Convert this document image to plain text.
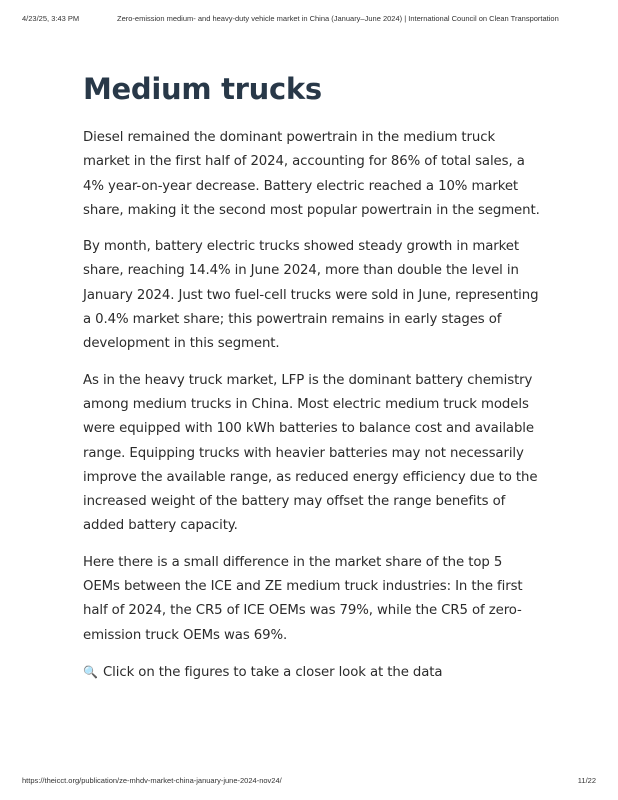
4/23/25, 3:43 PM	Zero-emission medium- and heavy-duty vehicle market in China (January–June 2024) | International Council on Clean Transportation
Medium trucks

Diesel remained the dominant powertrain in the medium truck market in the first half of 2024, accounting for 86% of total sales, a 4% year-on-year decrease. Battery electric reached a 10% market share, making it the second most popular powertrain in the segment.

By month, battery electric trucks showed steady growth in market share, reaching 14.4% in June 2024, more than double the level in January 2024. Just two fuel-cell trucks were sold in June, representing a 0.4% market share; this powertrain remains in early stages of development in this segment.

As in the heavy truck market, LFP is the dominant battery chemistry among medium trucks in China. Most electric medium truck models were equipped with 100 kWh batteries to balance cost and available range. Equipping trucks with heavier batteries may not necessarily improve the available range, as reduced energy efficiency due to the increased weight of the battery may offset the range benefits of added battery capacity.

Here there is a small difference in the market share of the top 5 OEMs between the ICE and ZE medium truck industries: In the first half of 2024, the CR5 of ICE OEMs was 79%, while the CR5 of zero-emission truck OEMs was 69%.

🔍 Click on the figures to take a closer look at the data

https://theicct.org/publication/ze-mhdv-market-china-january-june-2024-nov24/	11/22
